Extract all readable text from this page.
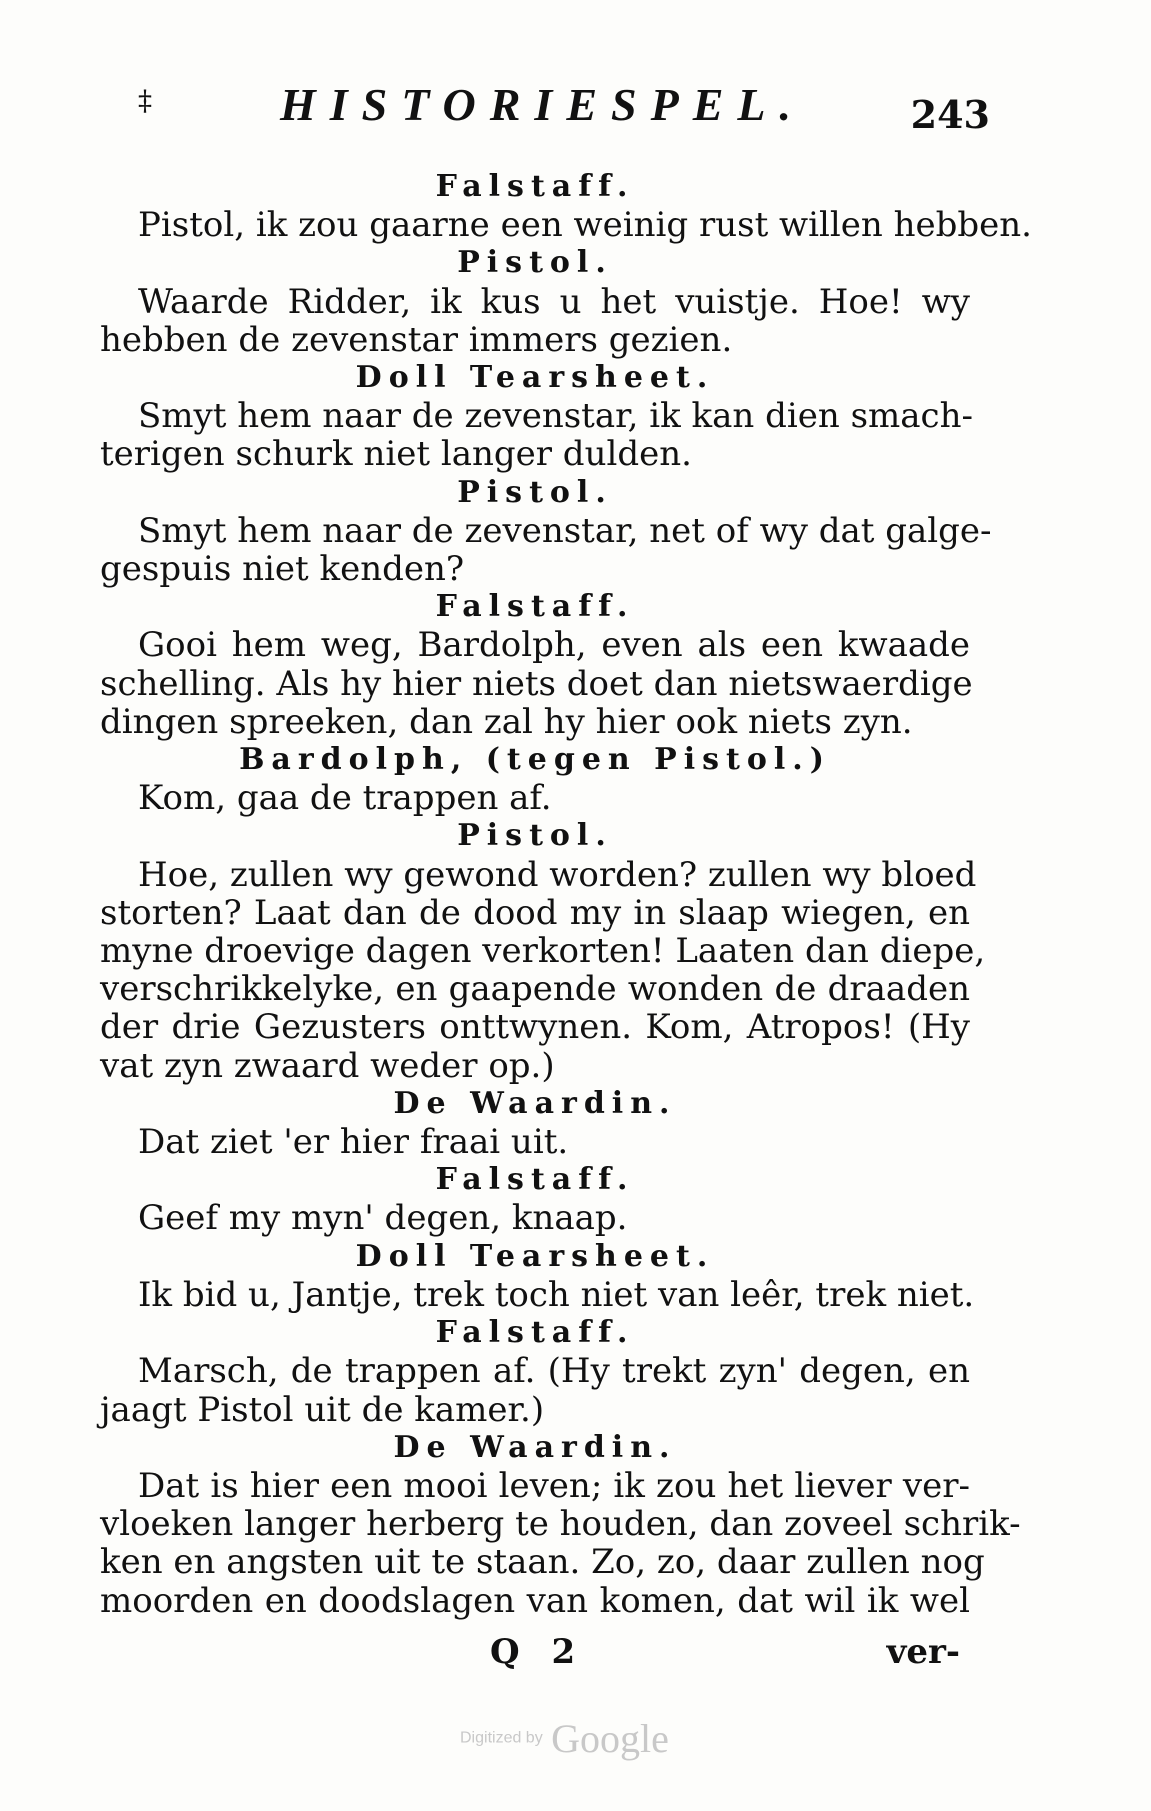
‡	HISTORIESPEL.	243
Falstaff.
Pistol, ik zou gaarne een weinig rust willen hebben.
Pistol.
Waarde Ridder, ik kus u het vuistje. Hoe! wy
hebben de zevenstar immers gezien.
Doll Tearsheet.
Smyt hem naar de zevenstar, ik kan dien smach-
terigen schurk niet langer dulden.
Pistol.
Smyt hem naar de zevenstar, net of wy dat galge-
gespuis niet kenden?
Falstaff.
Gooi hem weg, Bardolph, even als een kwaade
schelling. Als hy hier niets doet dan nietswaerdige
dingen spreeken, dan zal hy hier ook niets zyn.
Bardolph, (tegen Pistol.)
Kom, gaa de trappen af.
Pistol.
Hoe, zullen wy gewond worden? zullen wy bloed
storten? Laat dan de dood my in slaap wiegen, en
myne droevige dagen verkorten! Laaten dan diepe,
verschrikkelyke, en gaapende wonden de draaden
der drie Gezusters onttwynen. Kom, Atropos! (Hy
vat zyn zwaard weder op.)
De Waardin.
Dat ziet 'er hier fraai uit.
Falstaff.
Geef my myn' degen, knaap.
Doll Tearsheet.
Ik bid u, Jantje, trek toch niet van leêr, trek niet.
Falstaff.
Marsch, de trappen af. (Hy trekt zyn' degen, en
jaagt Pistol uit de kamer.)
De Waardin.
Dat is hier een mooi leven; ik zou het liever ver-
vloeken langer herberg te houden, dan zoveel schrik-
ken en angsten uit te staan. Zo, zo, daar zullen nog
moorden en doodslagen van komen, dat wil ik wel
Q 2	ver-
Digitized by Google
